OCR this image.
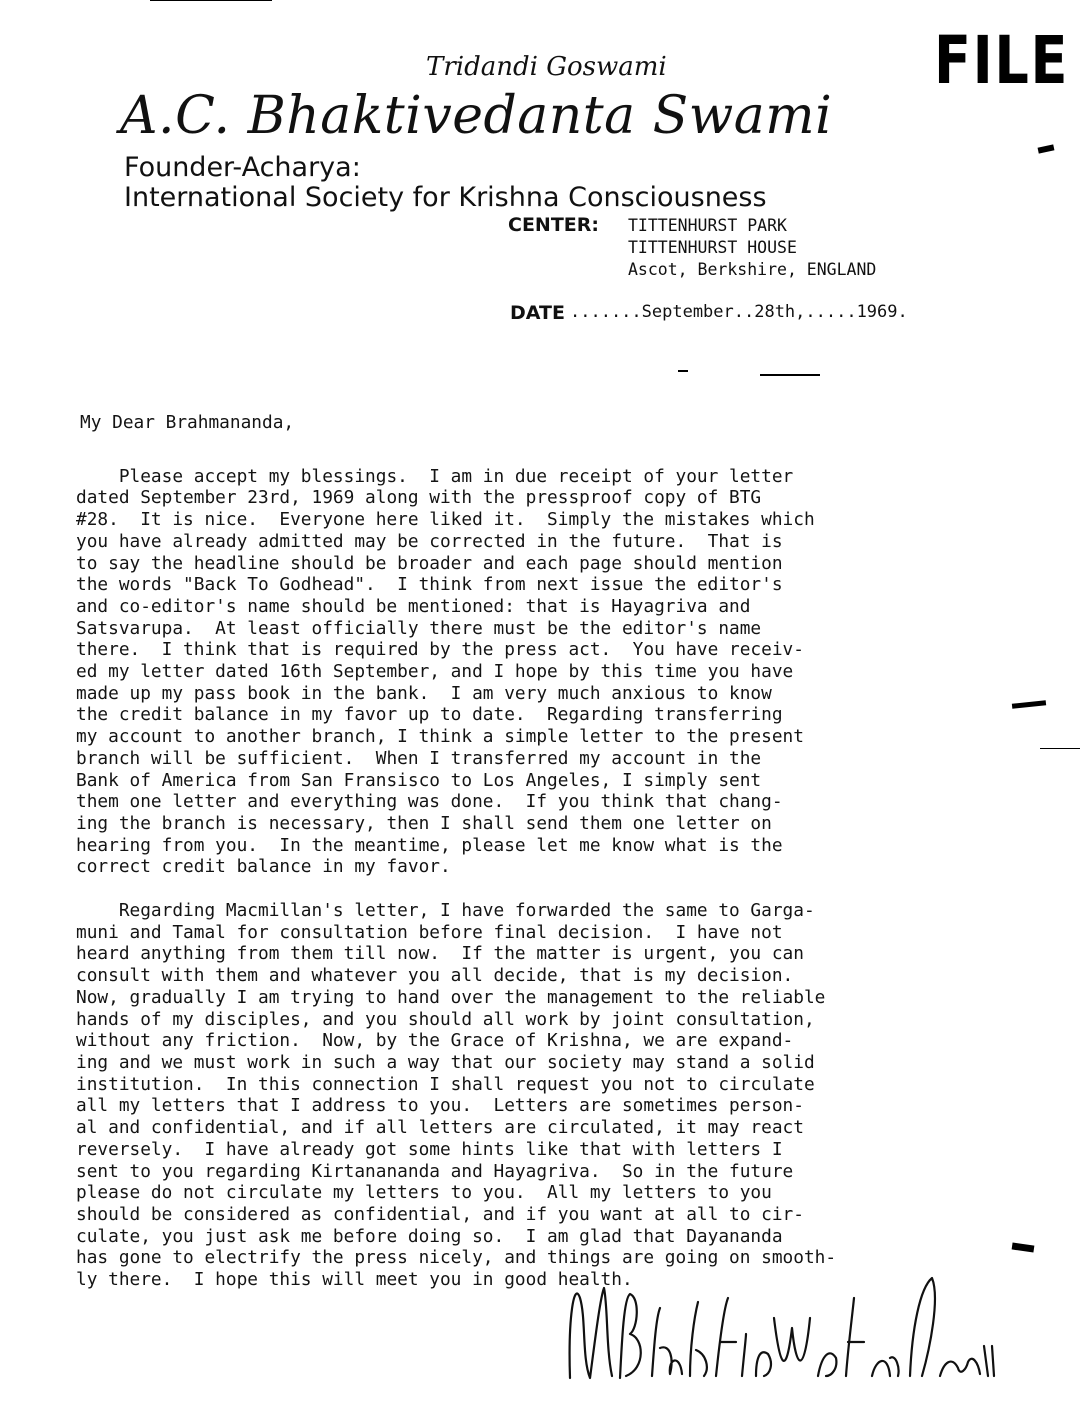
FILE
Tridandi Goswami
A.C. Bhaktivedanta Swami
Founder-Acharya:
International Society for Krishna Consciousness
CENTER: TITTENHURST PARK
TITTENHURST HOUSE
Ascot, Berkshire, ENGLAND
DATE .......September..28th,.....1969.
My Dear Brahmananda,
Please accept my blessings.  I am in due receipt of your letter
dated September 23rd, 1969 along with the pressproof copy of BTG
#28.  It is nice.  Everyone here liked it.  Simply the mistakes which
you have already admitted may be corrected in the future.  That is
to say the headline should be broader and each page should mention
the words "Back To Godhead".  I think from next issue the editor's
and co-editor's name should be mentioned: that is Hayagriva and
Satsvarupa.  At least officially there must be the editor's name
there.  I think that is required by the press act.  You have receiv-
ed my letter dated 16th September, and I hope by this time you have
made up my pass book in the bank.  I am very much anxious to know
the credit balance in my favor up to date.  Regarding transferring
my account to another branch, I think a simple letter to the present
branch will be sufficient.  When I transferred my account in the
Bank of America from San Fransisco to Los Angeles, I simply sent
them one letter and everything was done.  If you think that chang-
ing the branch is necessary, then I shall send them one letter on
hearing from you.  In the meantime, please let me know what is the
correct credit balance in my favor.
Regarding Macmillan's letter, I have forwarded the same to Garga-
muni and Tamal for consultation before final decision.  I have not
heard anything from them till now.  If the matter is urgent, you can
consult with them and whatever you all decide, that is my decision.
Now, gradually I am trying to hand over the management to the reliable
hands of my disciples, and you should all work by joint consultation,
without any friction.  Now, by the Grace of Krishna, we are expand-
ing and we must work in such a way that our society may stand a solid
institution.  In this connection I shall request you not to circulate
all my letters that I address to you.  Letters are sometimes person-
al and confidential, and if all letters are circulated, it may react
reversely.  I have already got some hints like that with letters I
sent to you regarding Kirtanananda and Hayagriva.  So in the future
please do not circulate my letters to you.  All my letters to you
should be considered as confidential, and if you want at all to cir-
culate, you just ask me before doing so.  I am glad that Dayananda
has gone to electrify the press nicely, and things are going on smooth-
ly there.  I hope this will meet you in good health.
